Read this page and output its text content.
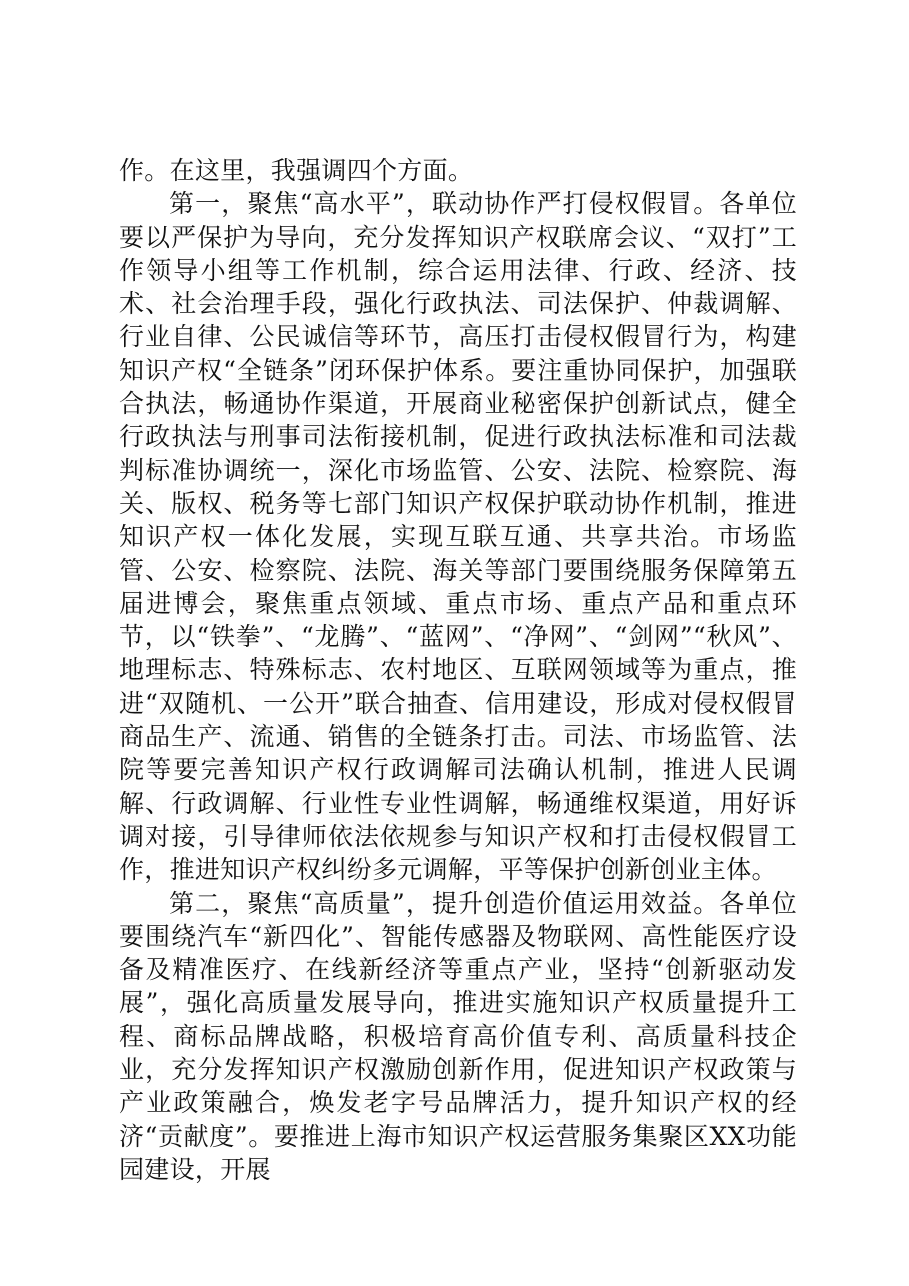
作。在这里，我强调四个方面。

第一，聚焦“高水平”，联动协作严打侵权假冒。各单位要以严保护为导向，充分发挥知识产权联席会议、“双打”工作领导小组等工作机制，综合运用法律、行政、经济、技术、社会治理手段，强化行政执法、司法保护、仲裁调解、行业自律、公民诚信等环节，高压打击侵权假冒行为，构建知识产权“全链条”闭环保护体系。要注重协同保护，加强联合执法，畅通协作渠道，开展商业秘密保护创新试点，健全行政执法与刑事司法衔接机制，促进行政执法标准和司法裁判标准协调统一，深化市场监管、公安、法院、检察院、海关、版权、税务等七部门知识产权保护联动协作机制，推进知识产权一体化发展，实现互联互通、共享共治。市场监管、公安、检察院、法院、海关等部门要围绕服务保障第五届进博会，聚焦重点领域、重点市场、重点产品和重点环节，以“铁拳”、“龙腾”、“蓝网”、“净网”、“剑网”“秋风”、地理标志、特殊标志、农村地区、互联网领域等为重点，推进“双随机、一公开”联合抽查、信用建设，形成对侵权假冒商品生产、流通、销售的全链条打击。司法、市场监管、法院等要完善知识产权行政调解司法确认机制，推进人民调解、行政调解、行业性专业性调解，畅通维权渠道，用好诉调对接，引导律师依法依规参与知识产权和打击侵权假冒工作，推进知识产权纠纷多元调解，平等保护创新创业主体。

第二，聚焦“高质量”，提升创造价值运用效益。各单位要围绕汽车“新四化”、智能传感器及物联网、高性能医疗设备及精准医疗、在线新经济等重点产业，坚持“创新驱动发展”，强化高质量发展导向，推进实施知识产权质量提升工程、商标品牌战略，积极培育高价值专利、高质量科技企业，充分发挥知识产权激励创新作用，促进知识产权政策与产业政策融合，焕发老字号品牌活力，提升知识产权的经济“贡献度”。要推进上海市知识产权运营服务集聚区XX功能园建设，开展
